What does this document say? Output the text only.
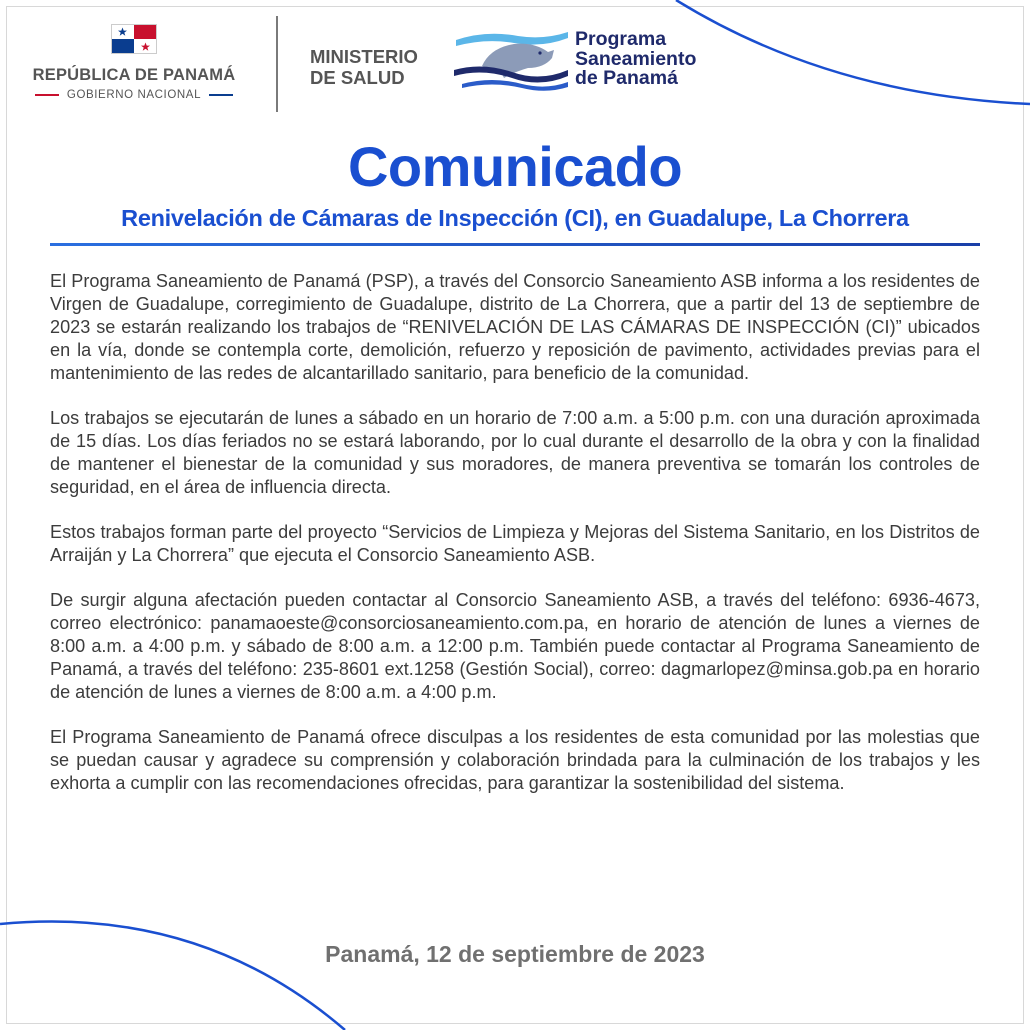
REPÚBLICA DE PANAMÁ
GOBIERNO NACIONAL
MINISTERIO
DE SALUD
Programa
Saneamiento
de Panamá
Comunicado
Renivelación de Cámaras de Inspección (CI), en Guadalupe, La Chorrera

El Programa Saneamiento de Panamá (PSP), a través del Consorcio Saneamiento ASB informa a los residentes de Virgen de Guadalupe, corregimiento de Guadalupe, distrito de La Chorrera, que a partir del 13 de septiembre de 2023 se estarán realizando los trabajos de “RENIVELACIÓN DE LAS CÁMARAS DE INSPECCIÓN (CI)” ubicados en la vía, donde se contempla corte, demolición, refuerzo y reposición de pavimento, actividades previas para el mantenimiento de las redes de alcantarillado sanitario, para beneficio de la comunidad.

Los trabajos se ejecutarán de lunes a sábado en un horario de 7:00 a.m. a 5:00 p.m. con una duración aproximada de 15 días. Los días feriados no se estará laborando, por lo cual durante el desarrollo de la obra y con la finalidad de mantener el bienestar de la comunidad y sus moradores, de manera preventiva se tomarán los controles de seguridad, en el área de influencia directa.

Estos trabajos forman parte del proyecto “Servicios de Limpieza y Mejoras del Sistema Sanitario, en los Distritos de Arraiján y La Chorrera” que ejecuta el Consorcio Saneamiento ASB.

De surgir alguna afectación pueden contactar al Consorcio Saneamiento ASB, a través del teléfono: 6936-4673, correo electrónico: panamaoeste@consorciosaneamiento.com.pa, en horario de atención de lunes a viernes de 8:00 a.m. a 4:00 p.m. y sábado de 8:00 a.m. a 12:00 p.m. También puede contactar al Programa Saneamiento de Panamá, a través del teléfono: 235-8601 ext.1258 (Gestión Social), correo: dagmarlopez@minsa.gob.pa en horario de atención de lunes a viernes de 8:00 a.m. a 4:00 p.m.

El Programa Saneamiento de Panamá ofrece disculpas a los residentes de esta comunidad por las molestias que se puedan causar y agradece su comprensión y colaboración brindada para la culminación de los trabajos y les exhorta a cumplir con las recomendaciones ofrecidas, para garantizar la sostenibilidad del sistema.

Panamá, 12 de septiembre de 2023
